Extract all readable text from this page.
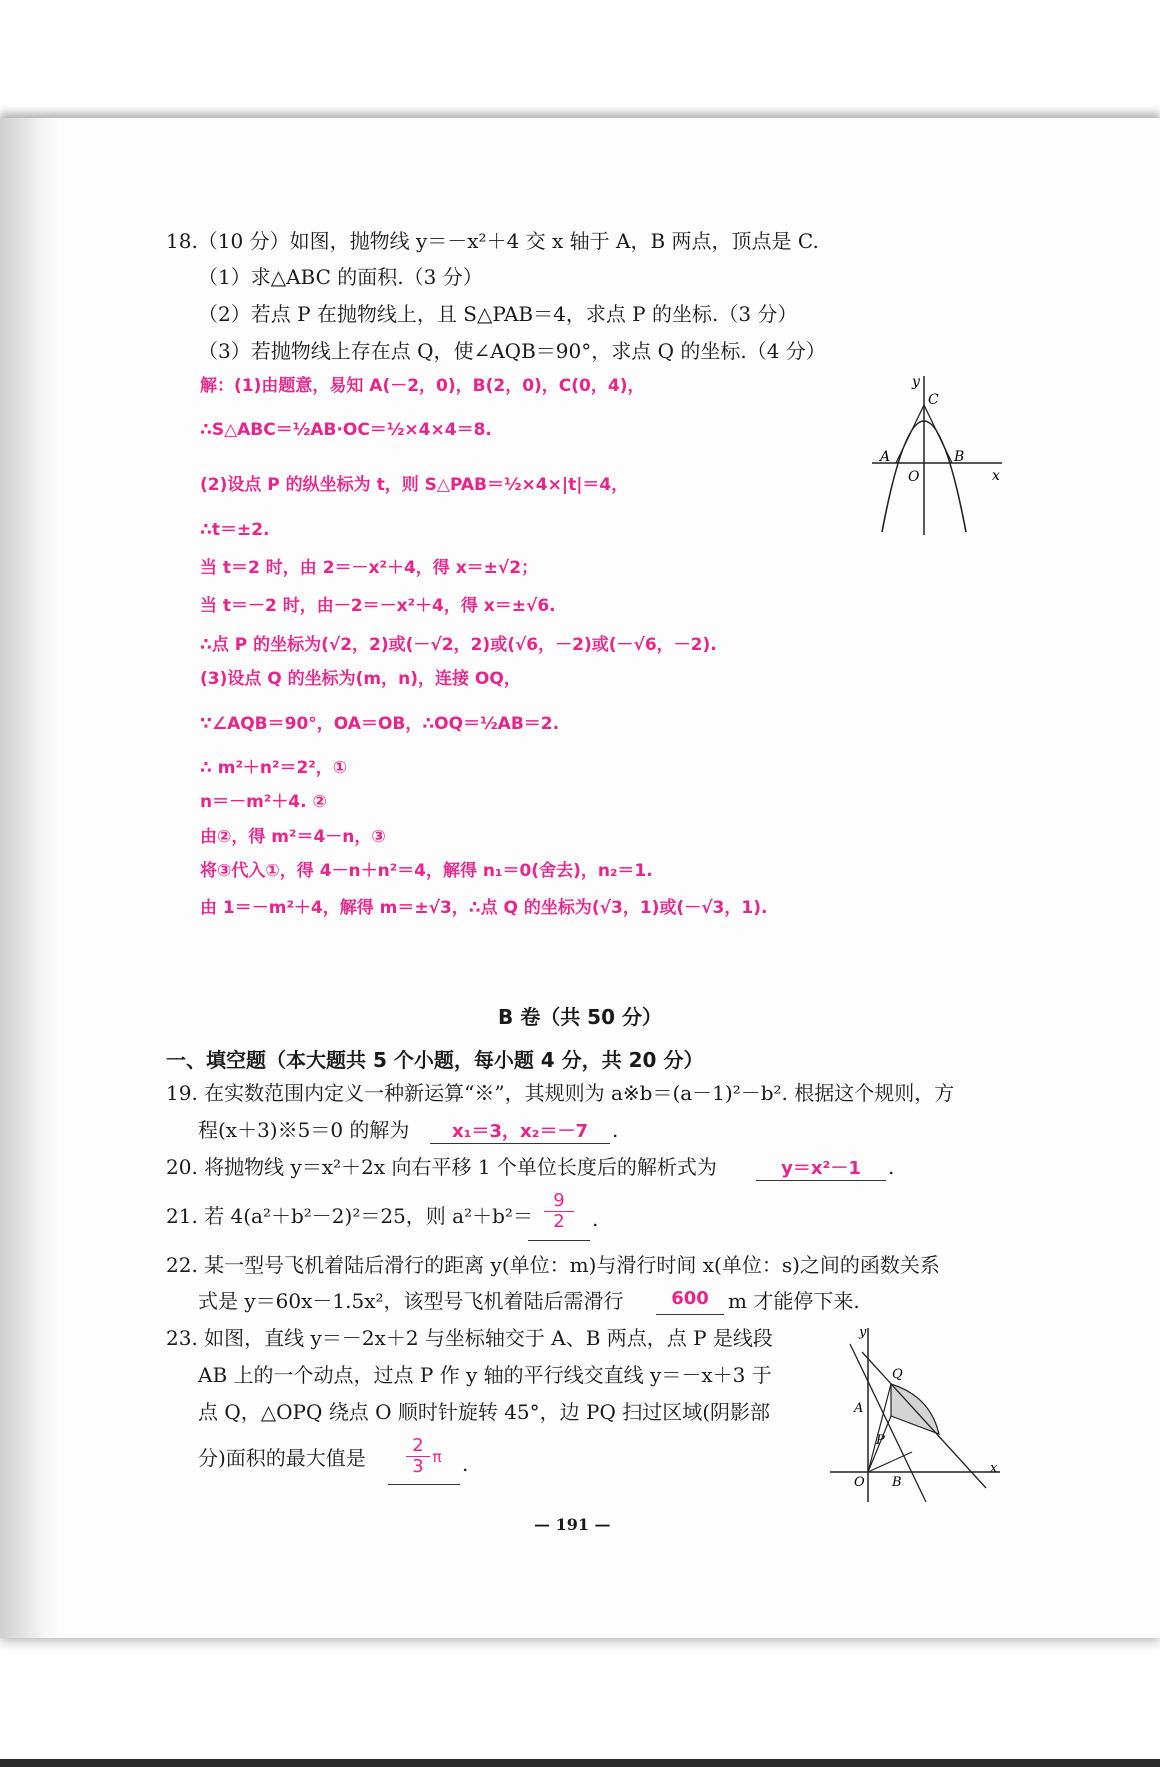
18.（10 分）如图，抛物线 y＝－x²＋4 交 x 轴于 A，B 两点，顶点是 C.
（1）求△ABC 的面积.（3 分）
（2）若点 P 在抛物线上，且 S△PAB＝4，求点 P 的坐标.（3 分）
（3）若抛物线上存在点 Q，使∠AQB＝90°，求点 Q 的坐标.（4 分）
解：(1)由题意，易知 A(－2，0)，B(2，0)，C(0，4)，
∴S△ABC＝½AB·OC＝½×4×4＝8.
(2)设点 P 的纵坐标为 t，则 S△PAB＝½×4×|t|＝4，
∴t＝±2.
当 t＝2 时，由 2＝－x²＋4，得 x＝±√2；
当 t＝－2 时，由－2＝－x²＋4，得 x＝±√6.
∴点 P 的坐标为(√2，2)或(－√2，2)或(√6，－2)或(－√6，－2).
(3)设点 Q 的坐标为(m，n)，连接 OQ，
∵∠AQB＝90°，OA＝OB，∴OQ＝½AB＝2.
∴ m²＋n²＝2²，①
n＝－m²＋4. ②
由②，得 m²＝4－n，③
将③代入①，得 4－n＋n²＝4，解得 n₁＝0(舍去)，n₂＝1.
由 1＝－m²＋4，解得 m＝±√3，∴点 Q 的坐标为(√3，1)或(－√3，1).
y
C
A	B
O	x
B 卷（共 50 分）
一、填空题（本大题共 5 个小题，每小题 4 分，共 20 分）
19. 在实数范围内定义一种新运算“※”，其规则为 a※b＝(a－1)²－b². 根据这个规则，方
程(x＋3)※5＝0 的解为	x₁＝3，x₂＝－7	.
20. 将抛物线 y＝x²＋2x 向右平移 1 个单位长度后的解析式为	y＝x²－1	.
21. 若 4(a²＋b²－2)²＝25，则 $a^2+b^2= \frac{9}{2}$ .
22. 某一型号飞机着陆后滑行的距离 y(单位：m)与滑行时间 x(单位：s)之间的函数关系
式是 y＝60x－1.5x²，该型号飞机着陆后需滑行	600 m 才能停下来.
23. 如图，直线 y＝－2x＋2 与坐标轴交于 A、B 两点，点 P 是线段
AB 上的一个动点，过点 P 作 y 轴的平行线交直线 y＝－x＋3 于
点 Q，△OPQ 绕点 O 顺时针旋转 45°，边 PQ 扫过区域(阴影部
分)面积的最大值是 $\frac{2}{3}$ π .
y
Q
A
P
O B
x
— 191 —
